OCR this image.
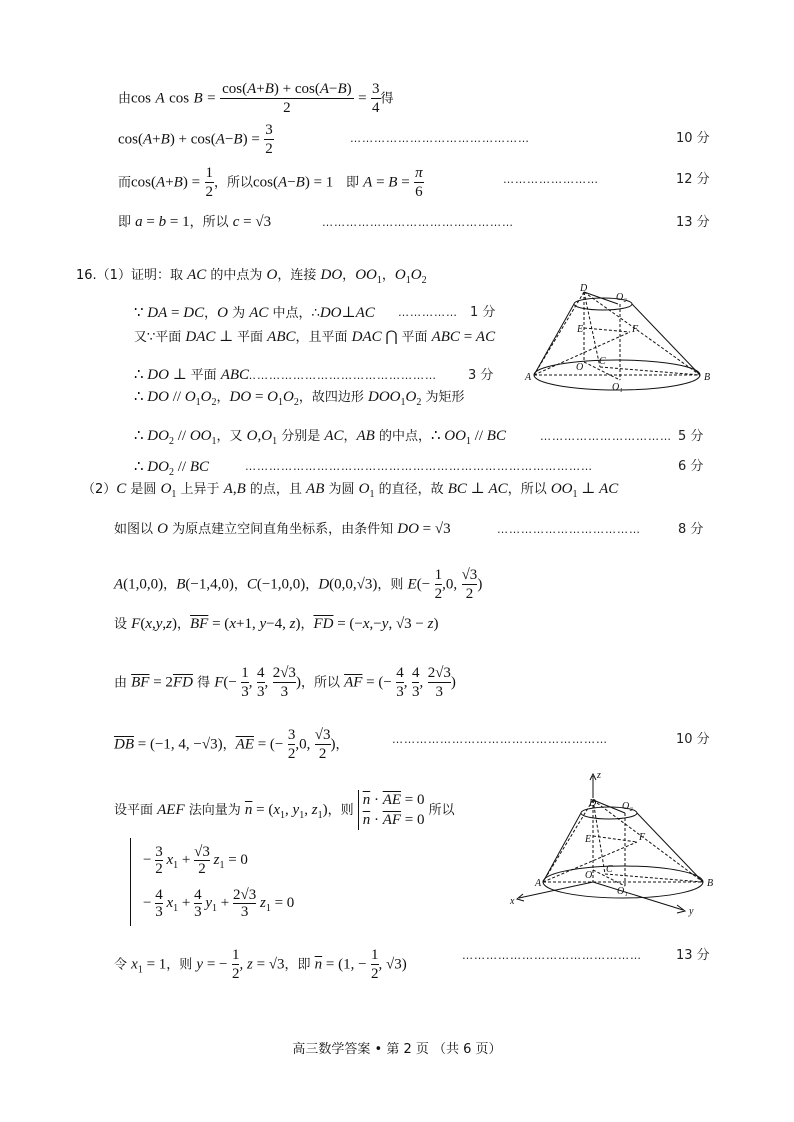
由cos A $\cos B = \frac{\cos(A+B) + \cos(A-B)}{2} = \frac{3}{4}$ 得
$\cos(A+B) + \cos(A-B) = \frac{3}{2}$	………………………………………	10 分
而$\cos(A+B) = \frac{1}{2}$ ，所以cos(A−B) = 1   即 $A = B = \frac{\pi}{6}$	……………………	12 分
即 a = b = 1，所以 c = √3	…………………………………………	13 分
16.（1）证明：取 AC 的中点为 O，连接 DO，$OO_1$，$O_1O_2$
∵ DA = DC，O 为 AC 中点，∴DO⊥AC …………… 1 分
又∵平面 DAC ⊥ 平面 ABC，且平面 DAC ⋂ 平面 ABC = AC
∴ DO ⊥ 平面 ABC
………………………………………… 3 分
∴ DO // $O_1O_2$，DO = $O_1O_2$，故四边形 $DOO_1O_2$ 为矩形
∴ $DO_2 // OO_1$，又 $O,O_1$ 分别是 AC，AB 的中点，∴ $OO_1$ // BC	…………………………… 5 分
∴ $DO_2$ // BC	……………………………………………………………………………	6 分
（2）C 是圆 $O_1$ 上异于 A,B 的点，且 AB 为圆 $O_1$ 的直径，故 BC ⊥ AC，所以 $OO_1$ ⊥ AC
如图以 O 为原点建立空间直角坐标系，由条件知 DO = √3	………………………………	8 分
A(1,0,0)，B(−1,4,0)，C(−1,0,0)，D(0,0,√3)，则 $E(- \frac{1}{2} ,0$, $\frac{√3}{2}$ )
设 F(x,y,z)，$\overline{BF} = (x+1$, y−4, z)，$\overline{FD} = (-x,-y$, √3 − z)
由 $\overline{BF} = 2\overline{FD}$ 得 $F(- \frac{1}{3}$ , $\frac{4}{3}$ , $\frac{2√3}{3}$ )，所以 $\overline{AF}$ = (− $\frac{4}{3}$ , $\frac{4}{3}$ , $\frac{2√3}{3}$ )
$\overline{DB} = (-1$, 4, −√3)，$\overline{AE}$ = (− $\frac{3}{2} ,0$, $\frac{√3}{2}$ )，	………………………………………………	10 分
设平面 AEF 法向量为 $\overline{n} = (x_1$, $y_1$, $z_1$)，则
$\overline{n} \cdot \overline{AE} = 0$
$\overline{n} \cdot \overline{AF} = 0$
所以
− $\frac{3}{2} x_1 + \frac{√3}{2} z_1 = 0$
− $\frac{4}{3} x_1 + \frac{4}{3} y_1 + \frac{2√3}{3} z_1 = 0$
令 $x_1 = 1$，则 y = − $\frac{1}{2}$ , z = √3，即 $\overline{n} = (1$, − $\frac{1}{2}$ , √3)
………………………………………	13 分
D
O₂
E	F
A
O
C
O₁
B
z
D	O₂
E	F
A
O
C
O₁
B
x
y
高三数学答案 • 第 2 页 （共 6 页）
